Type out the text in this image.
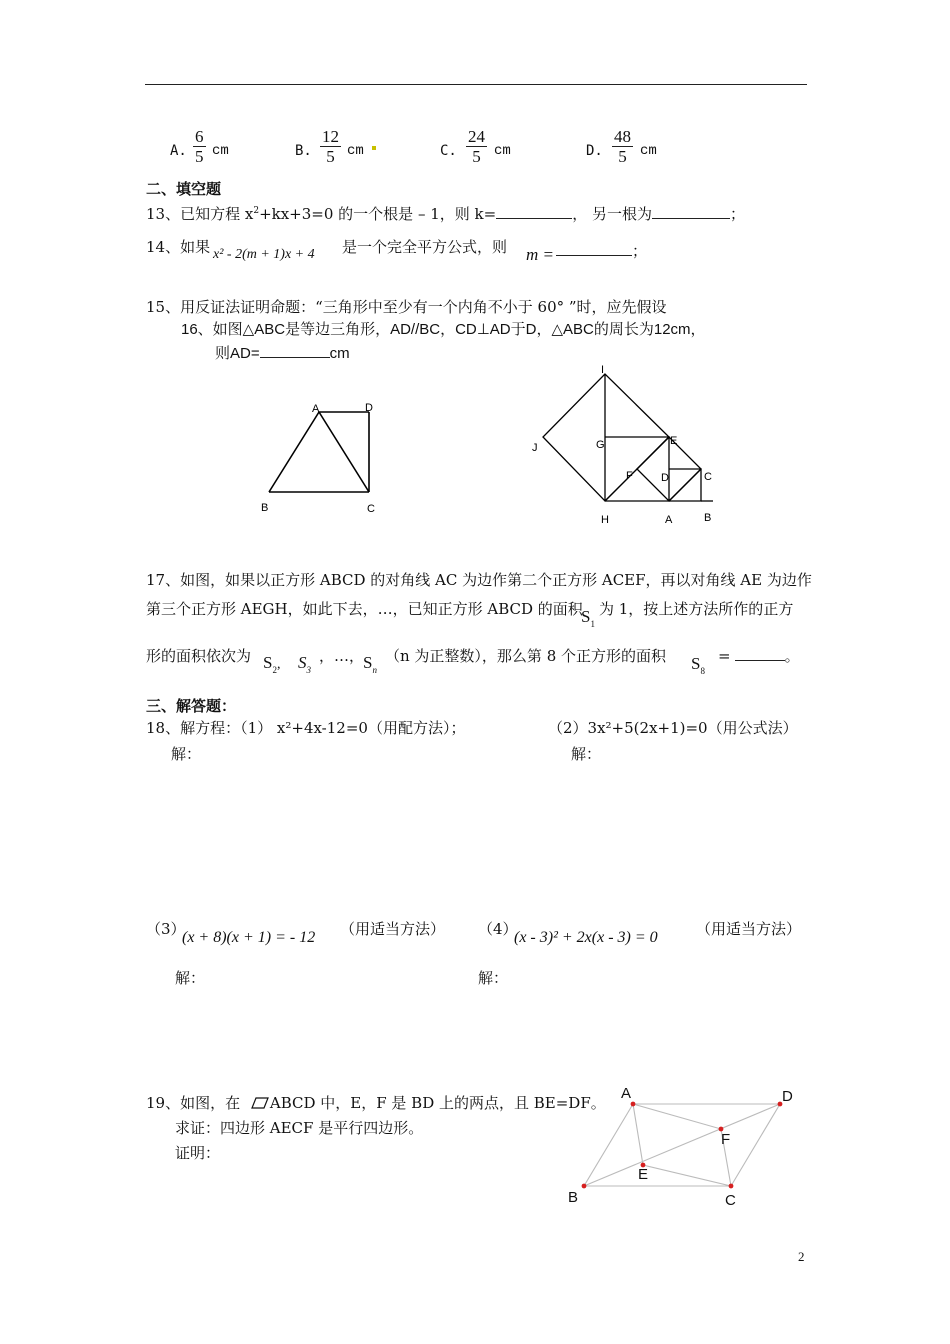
A. $\frac{6}{5}$ cm	B. $\frac{12}{5}$ cm	C. $\frac{24}{5}$ cm	D. $\frac{48}{5}$ cm
二、填空题
13、已知方程 $x^2+kx+3=0$ 的一个根是 – 1，则 k=	， 另一根为	；
14、如果 x² - 2(m + 1)x + 4 是一个完全平方公式，则 m =	；
15、用反证法证明命题：“三角形中至少有一个内角不小于 60° ”时，应先假设
16、如图△ABC是等边三角形，AD//BC，CD⊥AD于D，△ABC的周长为12cm，
则AD=	cm
A	D
B	C
I
J	G	E
F	D	C
H	A	B
17、如图，如果以正方形 ABCD 的对角线 AC 为边作第二个正方形 ACEF，再以对角线 AE 为边作
第三个正方形 AEGH，如此下去，…，已知正方形 ABCD 的面积
$S_1$
为 1，按上述方法所作的正方
形的面积依次为 $S_2$, $S_3$
，…，
$S_n$
（n 为正整数），那么第 8 个正方形的面积 $S_8$
=	。
三、解答题：
18、解方程：（1） x²+4x-12=0（用配方法）；	（2）3x²+5(2x+1)=0（用公式法）
解：	解：
（3）
(x + 8)(x + 1) = - 12 （用适当方法） （4）
(x - 3)² + 2x(x - 3) = 0	（用适当方法）
解：	解：
19、如图，在 ABCD 中，E，F 是 BD 上的两点，且 BE=DF。
求证：四边形 AECF 是平行四边形。
证明：
A	D
B	C
E
F
2
